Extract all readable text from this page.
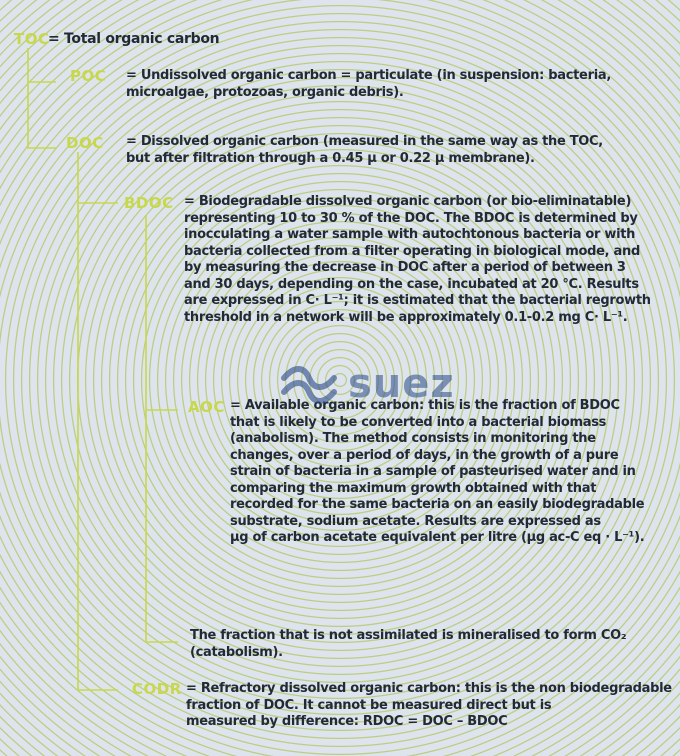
TOC
= Total organic carbon
POC = Undissolved organic carbon = particulate (in suspension: bacteria,
microalgae, protozoas, organic debris).
DOC = Dissolved organic carbon (measured in the same way as the TOC,
but after filtration through a 0.45 µ or 0.22 µ membrane).
BDOC = Biodegradable dissolved organic carbon (or bio-eliminatable)
representing 10 to 30 % of the DOC. The BDOC is determined by
inocculating a water sample with autochtonous bacteria or with
bacteria collected from a filter operating in biological mode, and
by measuring the decrease in DOC after a period of between 3
and 30 days, depending on the case, incubated at 20 °C. Results
are expressed in C· L⁻¹; it is estimated that the bacterial regrowth
threshold in a network will be approximately 0.1-0.2 mg C· L⁻¹.
AOC = Available organic carbon: this is the fraction of BDOC
that is likely to be converted into a bacterial biomass
(anabolism). The method consists in monitoring the
changes, over a period of days, in the growth of a pure
strain of bacteria in a sample of pasteurised water and in
comparing the maximum growth obtained with that
recorded for the same bacteria on an easily biodegradable
substrate, sodium acetate. Results are expressed as
µg of carbon acetate equivalent per litre (µg ac-C eq · L⁻¹).
The fraction that is not assimilated is mineralised to form CO₂
(catabolism).
CODR = Refractory dissolved organic carbon: this is the non biodegradable
fraction of DOC. It cannot be measured direct but is
measured by difference: RDOC = DOC – BDOC
suez
